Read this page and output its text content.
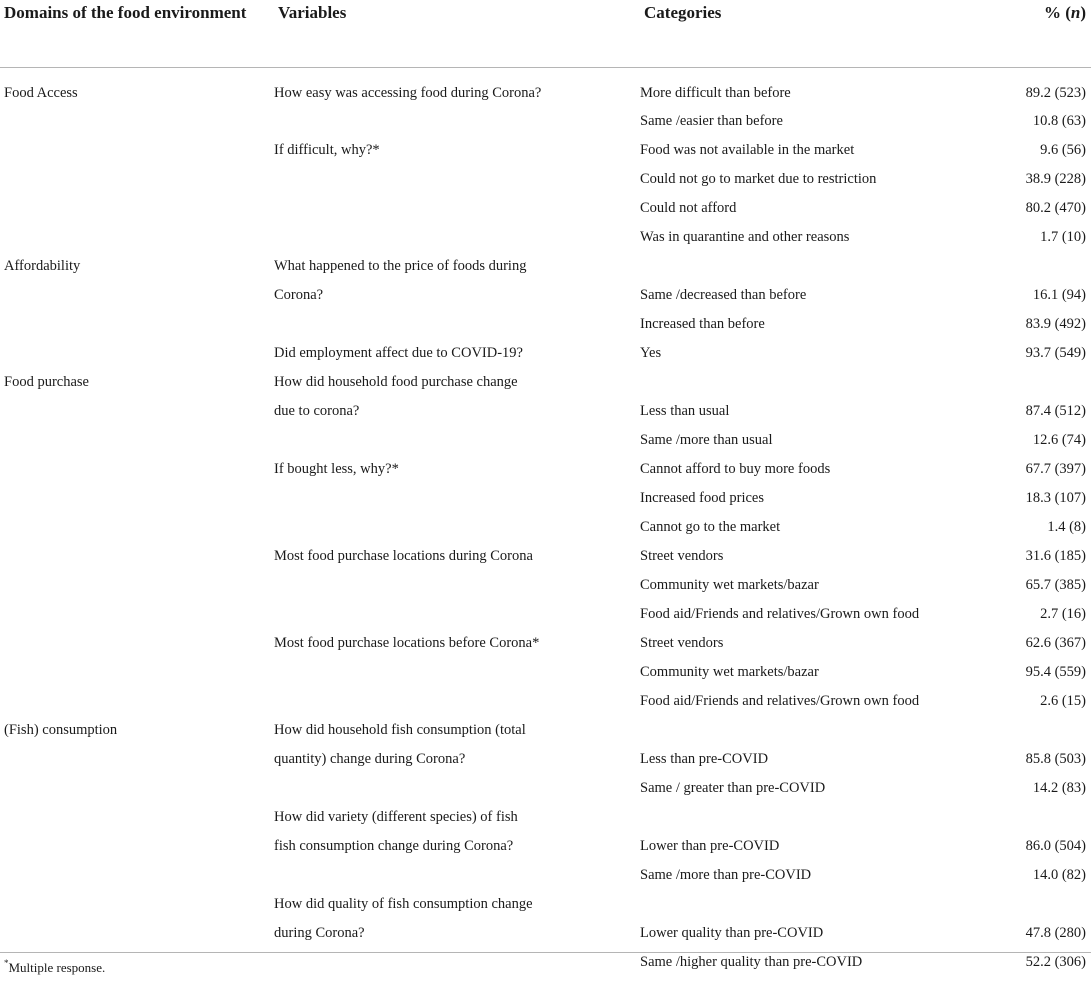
Domains of the food environment	Variables	Categories	% (n)
Food Access	How easy was accessing food during Corona?	More difficult than before	89.2 (523)
		Same /easier than before	10.8 (63)
	If difficult, why?*	Food was not available in the market	9.6 (56)
		Could not go to market due to restriction	38.9 (228)
		Could not afford	80.2 (470)
		Was in quarantine and other reasons	1.7 (10)
Affordability	What happened to the price of foods during		
	Corona?	Same /decreased than before	16.1 (94)
		Increased than before	83.9 (492)
	Did employment affect due to COVID-19?	Yes	93.7 (549)
Food purchase	How did household food purchase change		
	due to corona?	Less than usual	87.4 (512)
		Same /more than usual	12.6 (74)
	If bought less, why?*	Cannot afford to buy more foods	67.7 (397)
		Increased food prices	18.3 (107)
		Cannot go to the market	1.4 (8)
	Most food purchase locations during Corona	Street vendors	31.6 (185)
		Community wet markets/bazar	65.7 (385)
		Food aid/Friends and relatives/Grown own food	2.7 (16)
	Most food purchase locations before Corona*	Street vendors	62.6 (367)
		Community wet markets/bazar	95.4 (559)
		Food aid/Friends and relatives/Grown own food	2.6 (15)
(Fish) consumption	How did household fish consumption (total		
	quantity) change during Corona?	Less than pre-COVID	85.8 (503)
		Same / greater than pre-COVID	14.2 (83)
	How did variety (different species) of fish		
	fish consumption change during Corona?	Lower than pre-COVID	86.0 (504)
		Same /more than pre-COVID	14.0 (82)
	How did quality of fish consumption change		
	during Corona?	Lower quality than pre-COVID	47.8 (280)
		Same /higher quality than pre-COVID	52.2 (306)
*Multiple response.
